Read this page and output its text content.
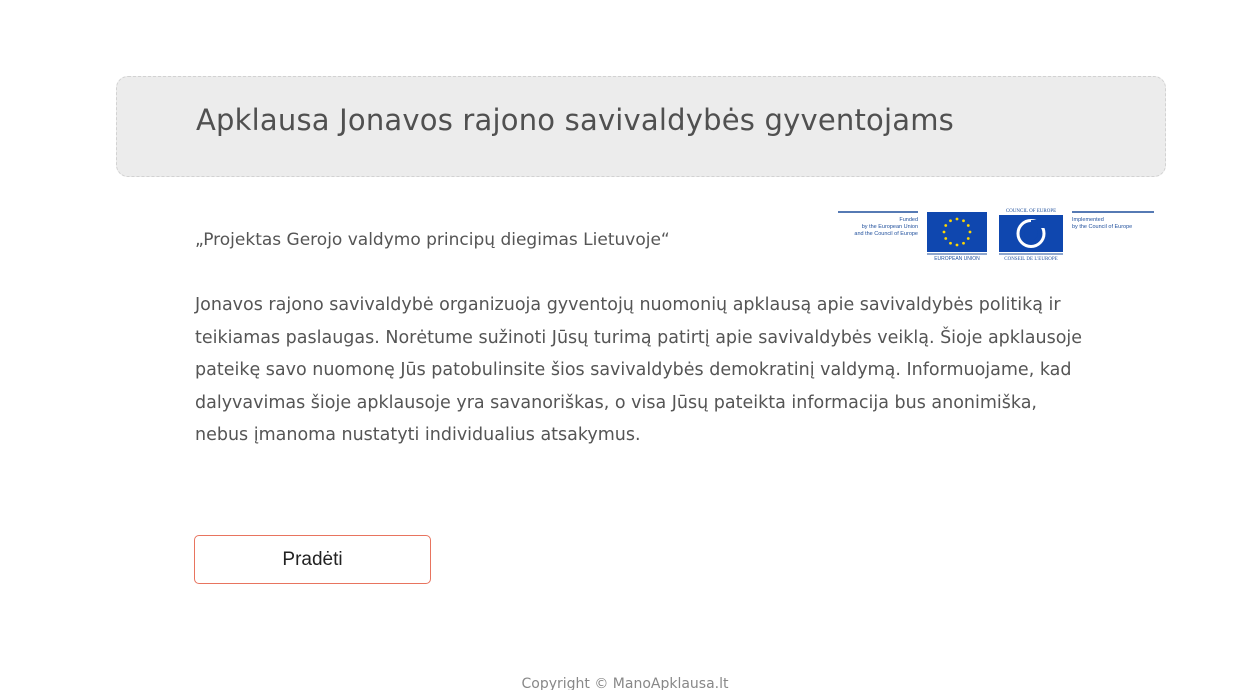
Apklausa Jonavos rajono savivaldybės gyventojams
„Projektas Gerojo valdymo principų diegimas Lietuvoje“
Funded
by the European Union
and the Council of Europe
EUROPEAN UNION
COUNCIL OF EUROPE
CONSEIL DE L'EUROPE
Implemented
by the Council of Europe

Jonavos rajono savivaldybė organizuoja gyventojų nuomonių apklausą apie savivaldybės politiką ir teikiamas paslaugas. Norėtume sužinoti Jūsų turimą patirtį apie savivaldybės veiklą. Šioje apklausoje pateikę savo nuomonę Jūs patobulinsite šios savivaldybės demokratinį valdymą. Informuojame, kad dalyvavimas šioje apklausoje yra savanoriškas, o visa Jūsų pateikta informacija bus anonimiška, nebus įmanoma nustatyti individualius atsakymus.

Pradėti
Copyright © ManoApklausa.lt
